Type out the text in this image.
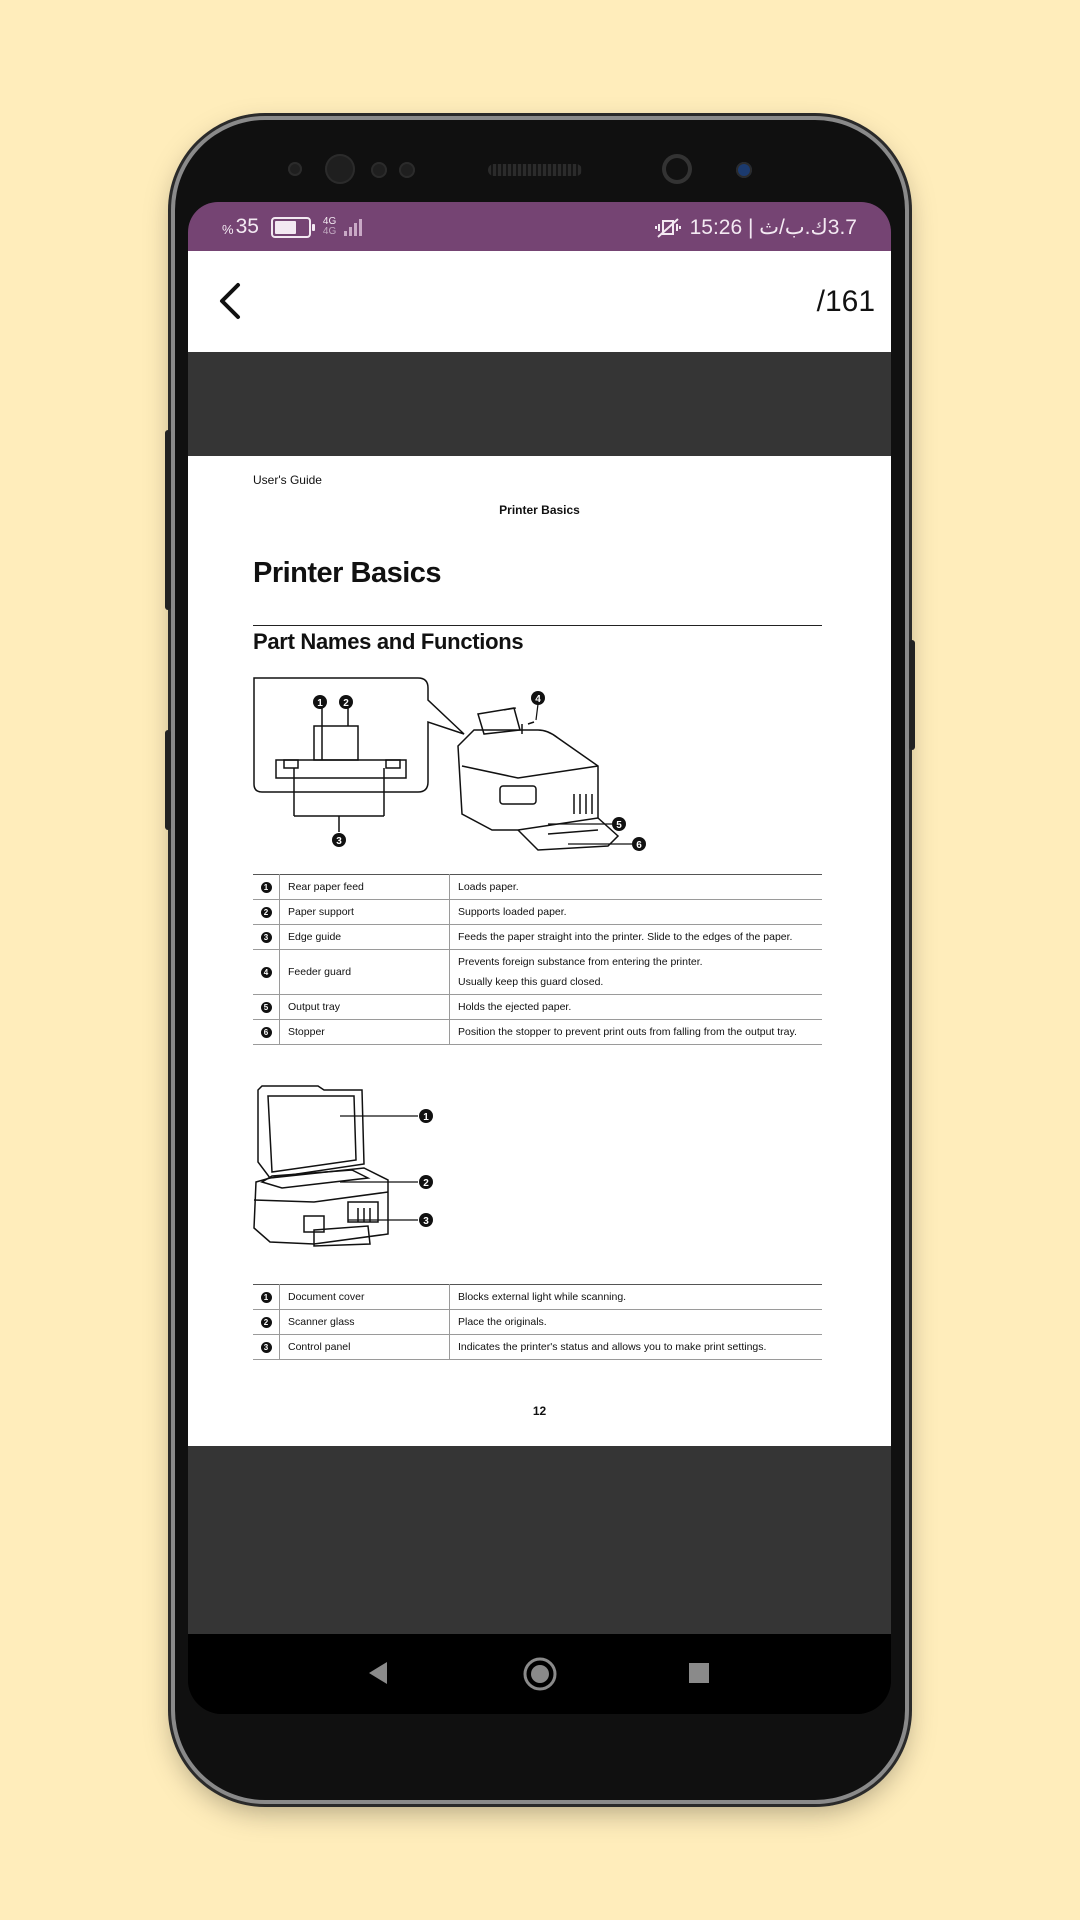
% 35	4G
4G	3.7ك.ب/ث | 15:26
/161
User's Guide
Printer Basics
Printer Basics
Part Names and Functions
1 2
3
4
5
6
1	Rear paper feed	Loads paper.
2	Paper support	Supports loaded paper.
3	Edge guide	Feeds the paper straight into the printer. Slide to the edges of the paper.
4	Feeder guard	Prevents foreign substance from entering the printer.
Usually keep this guard closed.

5	Output tray	Holds the ejected paper.
6	Stopper	Position the stopper to prevent print outs from falling from the output tray.
1
2
3
1	Document cover	Blocks external light while scanning.
2	Scanner glass	Place the originals.
3	Control panel	Indicates the printer's status and allows you to make print settings.
12
